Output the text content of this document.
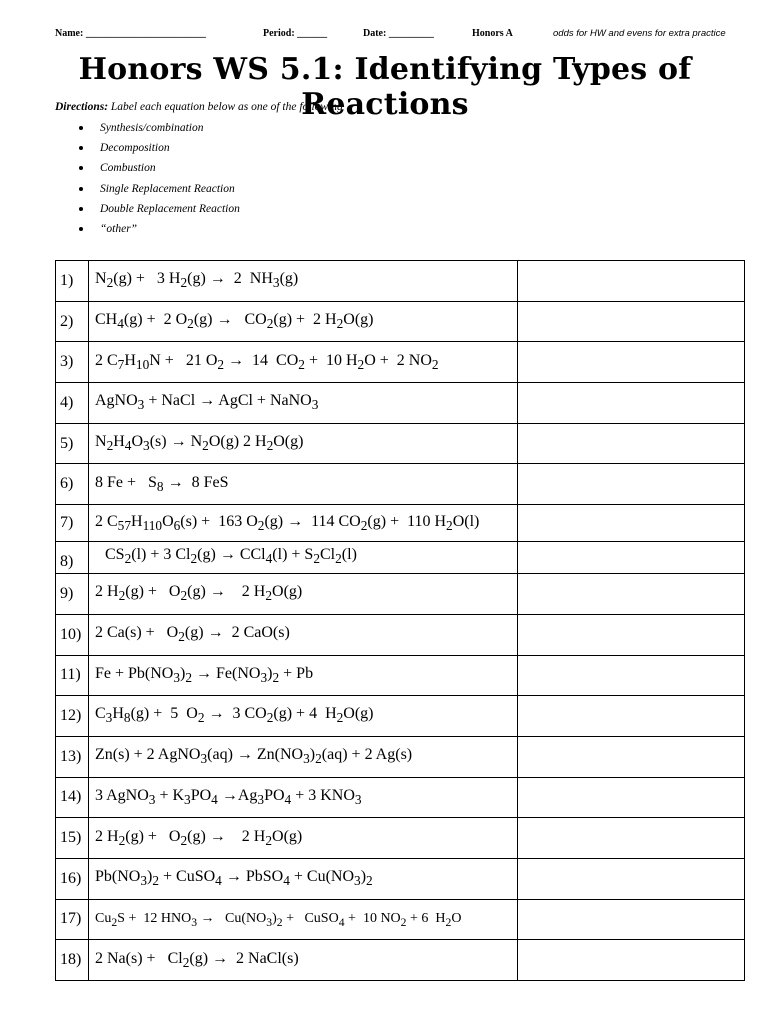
Name: ________________________	Period: ______	Date: _________	Honors A	odds for HW and evens for extra practice
Honors WS 5.1: Identifying Types of Reactions
Directions: Label each equation below as one of the following
Synthesis/combination
Decomposition
Combustion
Single Replacement Reaction
Double Replacement Reaction
“other”
1)	$N_2(g) + 3$ $H_2(g) \to 2$  $NH_3(g)$	
2)	$CH_4(g) + 2$ $O_2(g) \to CO_2(g) + 2$ $H_2O(g)$	
3)	2 $C_7H_{10}N + 21$ $O_2 \to 14$  $CO_2 + 10$ $H_2O + 2$ $NO_2$	
4)	AgNO$_3$ + NaCl → AgCl + NaNO$_3$	
5)	$N_2H_4O_3(s) \to N_2O(g)$ 2 $H_2O(g)$	
6)	8 $Fe + S_8 \to 8$ FeS	
7)	2 $C_{57}H_{110}O_6(s) + 163$ $O_2(g) \to 114$ $CO_2(g) + 110$ $H_2O(l)$	
8)	$CS_2(l) + 3$ $Cl_2(g) \to CCl_4(l) + S_2Cl_2(l)$	
9)	2 $H_2(g) + O_2(g)$ →    2 $H_2O(g)$	
10)	2 $Ca(s) + O_2(g) \to 2$ CaO(s)	
11)	$Fe + Pb(NO_3)_2 \to Fe(NO_3)_2 + Pb$	
12)	$C_3H_8(g) + 5$  $O_2 \to 3$ $CO_2(g) + 4$  $H_2O(g)$	
13)	Zn(s) + 2 AgNO$_3$(aq) → $Zn(NO_3)_2(aq) + 2$ Ag(s)	
14)	3 AgNO$_3$ + $K_3PO_4 \to Ag_3PO_4 + 3$ $KNO_3$	
15)	2 $H_2(g) + O_2(g)$ →    2 $H_2O(g)$	
16)	$Pb(NO_3)_2$ + CuSO$_4$ → PbSO$_4$ + $Cu(NO_3)_2$	
17)	$Cu_2S + 12$ $HNO_3 \to Cu(NO_3)_2$ +   CuSO$_4$ +  10 $NO_2 + 6$  $H_2O$	
18)	2 $Na(s) + Cl_2(g) \to 2$ NaCl(s)	
